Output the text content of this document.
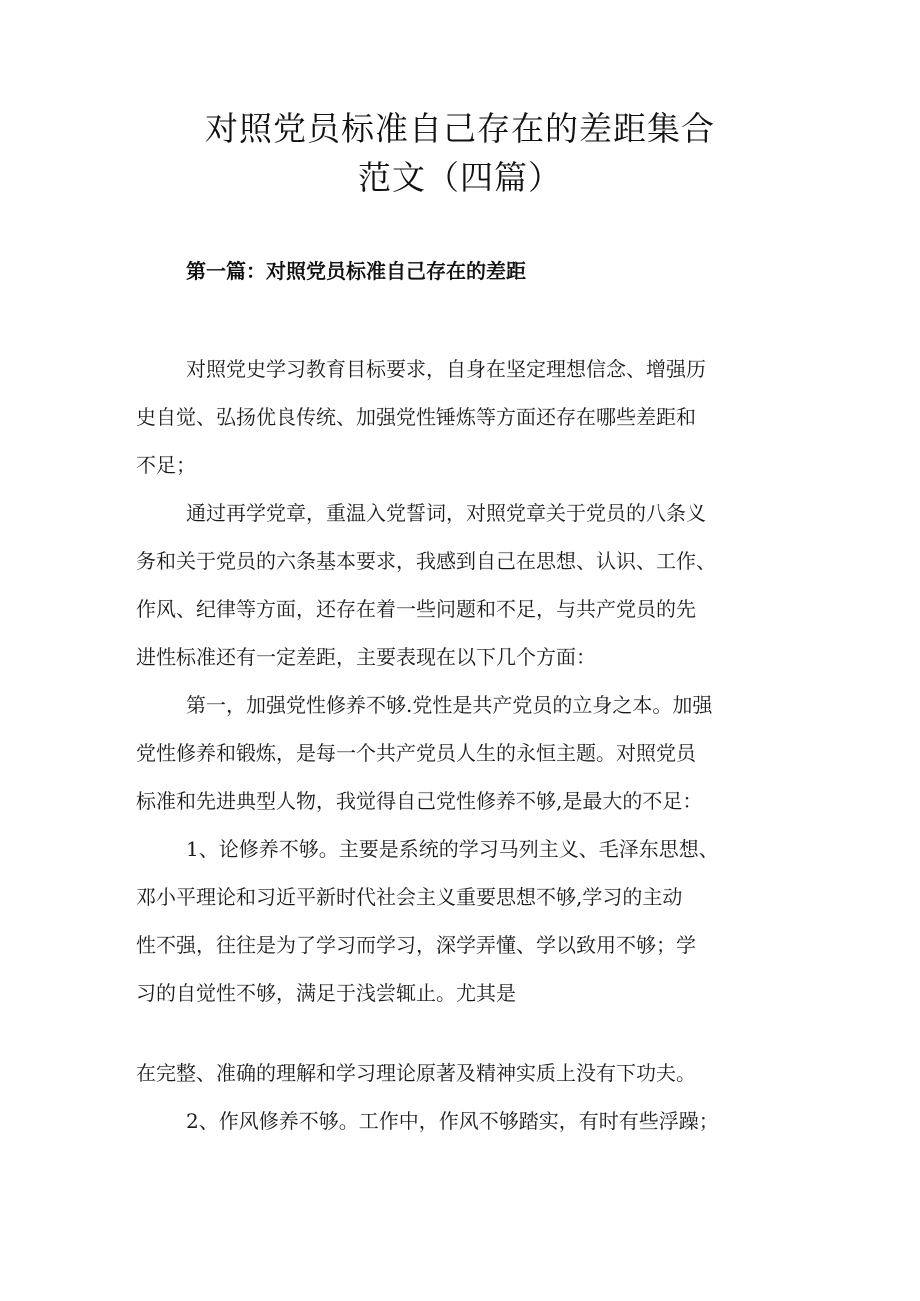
对照党员标准自己存在的差距集合
范文（四篇）
第一篇：对照党员标准自己存在的差距
对照党史学习教育目标要求，自身在坚定理想信念、增强历
史自觉、弘扬优良传统、加强党性锤炼等方面还存在哪些差距和
不足；
通过再学党章，重温入党誓词，对照党章关于党员的八条义
务和关于党员的六条基本要求，我感到自己在思想、认识、工作、
作风、纪律等方面，还存在着一些问题和不足，与共产党员的先
进性标准还有一定差距，主要表现在以下几个方面：
第一，加强党性修养不够.党性是共产党员的立身之本。加强
党性修养和锻炼，是每一个共产党员人生的永恒主题。对照党员
标准和先进典型人物，我觉得自己党性修养不够,是最大的不足：
1、论修养不够。主要是系统的学习马列主义、毛泽东思想、
邓小平理论和习近平新时代社会主义重要思想不够,学习的主动
性不强，往往是为了学习而学习，深学弄懂、学以致用不够；学
习的自觉性不够，满足于浅尝辄止。尤其是
在完整、准确的理解和学习理论原著及精神实质上没有下功夫。
2、作风修养不够。工作中，作风不够踏实，有时有些浮躁；
